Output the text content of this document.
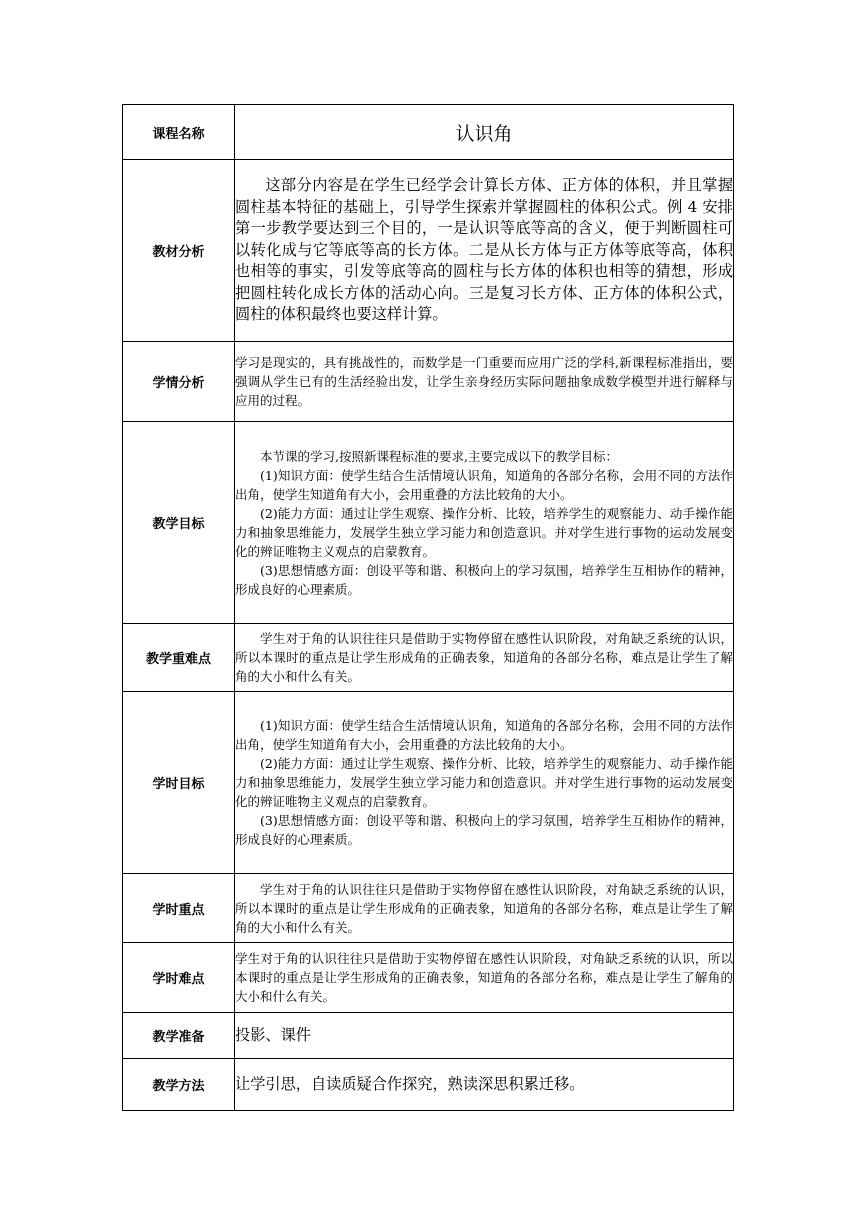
课程名称	认识角

教材分析	这部分内容是在学生已经学会计算长方体、正方体的体积，并且掌握圆柱基本特征的基础上，引导学生探索并掌握圆柱的体积公式。例 4 安排第一步教学要达到三个目的，一是认识等底等高的含义，便于判断圆柱可以转化成与它等底等高的长方体。二是从长方体与正方体等底等高，体积也相等的事实，引发等底等高的圆柱与长方体的体积也相等的猜想，形成把圆柱转化成长方体的活动心向。三是复习长方体、正方体的体积公式，圆柱的体积最终也要这样计算。

学情分析	学习是现实的，具有挑战性的，而数学是一门重要而应用广泛的学科,新课程标准指出，要强调从学生已有的生活经验出发，让学生亲身经历实际问题抽象成数学模型并进行解释与应用的过程。

教学目标	本节课的学习,按照新课程标准的要求,主要完成以下的教学目标：
(1)知识方面：使学生结合生活情境认识角，知道角的各部分名称，会用不同的方法作出角，使学生知道角有大小，会用重叠的方法比较角的大小。
(2)能力方面：通过让学生观察、操作分析、比较，培养学生的观察能力、动手操作能力和抽象思维能力，发展学生独立学习能力和创造意识。并对学生进行事物的运动发展变化的辨证唯物主义观点的启蒙教育。
(3)思想情感方面：创设平等和谐、积极向上的学习氛围，培养学生互相协作的精神，形成良好的心理素质。

教学重难点	学生对于角的认识往往只是借助于实物停留在感性认识阶段，对角缺乏系统的认识，所以本课时的重点是让学生形成角的正确表象，知道角的各部分名称，难点是让学生了解角的大小和什么有关。

学时目标	(1)知识方面：使学生结合生活情境认识角，知道角的各部分名称，会用不同的方法作出角，使学生知道角有大小，会用重叠的方法比较角的大小。
(2)能力方面：通过让学生观察、操作分析、比较，培养学生的观察能力、动手操作能力和抽象思维能力，发展学生独立学习能力和创造意识。并对学生进行事物的运动发展变化的辨证唯物主义观点的启蒙教育。
(3)思想情感方面：创设平等和谐、积极向上的学习氛围，培养学生互相协作的精神，形成良好的心理素质。

学时重点	学生对于角的认识往往只是借助于实物停留在感性认识阶段，对角缺乏系统的认识，所以本课时的重点是让学生形成角的正确表象，知道角的各部分名称，难点是让学生了解角的大小和什么有关。

学时难点	学生对于角的认识往往只是借助于实物停留在感性认识阶段，对角缺乏系统的认识，所以本课时的重点是让学生形成角的正确表象，知道角的各部分名称，难点是让学生了解角的大小和什么有关。

教学准备	投影、课件

教学方法	让学引思，自读质疑合作探究，熟读深思积累迁移。
